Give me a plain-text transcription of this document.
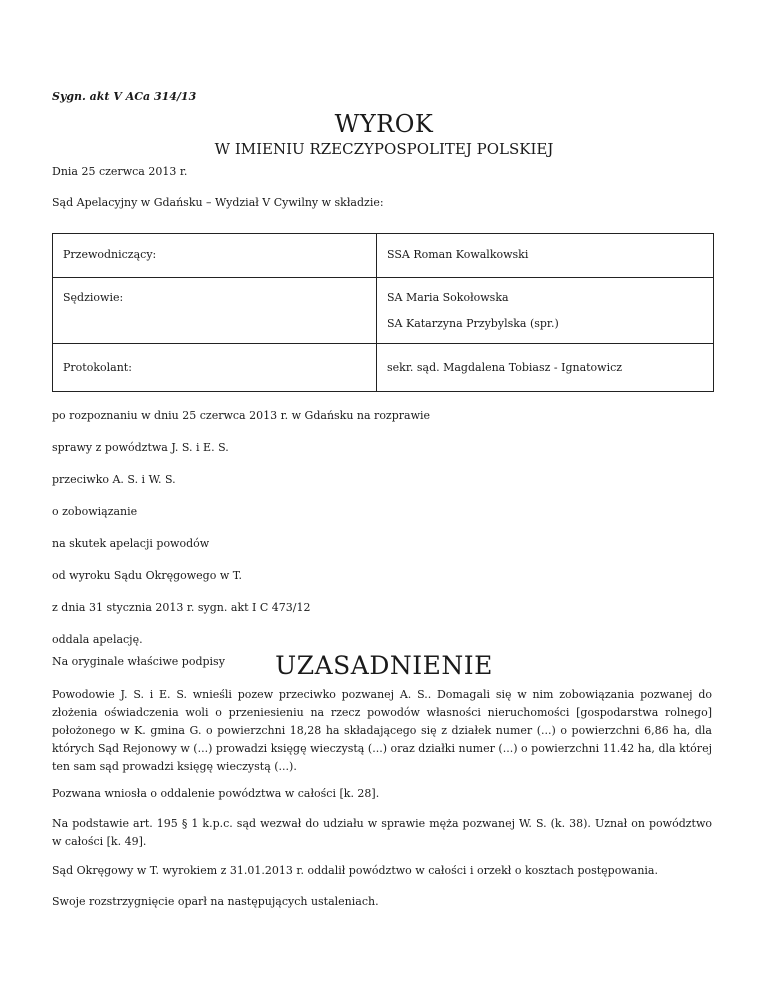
Sygn. akt V ACa 314/13
WYROK
W IMIENIU RZECZYPOSPOLITEJ POLSKIEJ
Dnia 25 czerwca 2013 r.
Sąd Apelacyjny w Gdańsku – Wydział V Cywilny w składzie:
Przewodniczący:	SSA Roman Kowalkowski

Sędziowie:	SA Maria Sokołowska
SA Katarzyna Przybylska (spr.)

Protokolant:	sekr. sąd. Magdalena Tobiasz - Ignatowicz
po rozpoznaniu w dniu 25 czerwca 2013 r. w Gdańsku na rozprawie
sprawy z powództwa J. S. i E. S.
przeciwko A. S. i W. S.
o zobowiązanie
na skutek apelacji powodów
od wyroku Sądu Okręgowego w T.
z dnia 31 stycznia 2013 r. sygn. akt I C 473/12
oddala apelację.
Na oryginale właściwe podpisy	UZASADNIENIE
Powodowie J. S. i E. S. wnieśli pozew przeciwko pozwanej A. S.. Domagali się w nim zobowiązania pozwanej do złożenia oświadczenia woli o przeniesieniu na rzecz powodów własności nieruchomości [gospodarstwa rolnego] położonego w K. gmina G. o powierzchni 18,28 ha składającego się z działek numer (...) o powierzchni 6,86 ha, dla których Sąd Rejonowy w (...) prowadzi księgę wieczystą (...) oraz działki numer (...) o powierzchni 11.42 ha, dla której ten sam sąd prowadzi księgę wieczystą (...).
Pozwana wniosła o oddalenie powództwa w całości [k. 28].
Na podstawie art. 195 § 1 k.p.c. sąd wezwał do udziału w sprawie męża pozwanej W. S. (k. 38). Uznał on powództwo w całości [k. 49].
Sąd Okręgowy w T. wyrokiem z 31.01.2013 r. oddalił powództwo w całości i orzekł o kosztach postępowania.
Swoje rozstrzygnięcie oparł na następujących ustaleniach.
